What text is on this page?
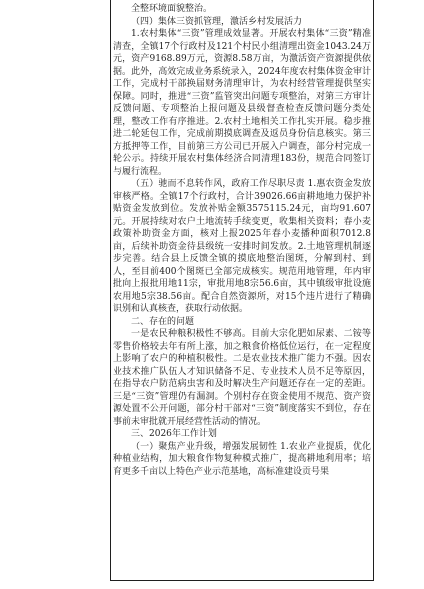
全整环境面貌整治。

（四）集体三资抓管理，激活乡村发展活力

1.农村集体“三资”管理成效显著。开展农村集体“三资”精准清查，全镇17个行政村及121个村民小组清理出资金1043.24万元，资产9168.89万元，资源8.58万亩，为激活资产资源提供依据。此外，高效完成业务系统录入，2024年度农村集体资金审计工作，完成村干部换届财务清理审计，为农村经营管理提供坚实保障。同时，推进“三资”监管突出问题专项整治，对第三方审计反馈问题、专项整治上报问题及县级督查检查反馈问题分类处理，整改工作有序推进。2.农村土地相关工作扎实开展。稳步推进二轮延包工作，完成前期摸底调查及返员身份信息核实。第三方抵押等工作，目前第三方公司已开展入户调查，部分村完成一轮公示。持续开展农村集体经济合同清理183份，规范合同签订与履行流程。

（五）驰而不息转作风，政府工作尽职尽责 1.惠农资金发放审核严格。全镇17个行政村，合计39026.66亩耕地地力保护补贴资金发放到位。发放补贴金额3575115.24元，亩均91.607元。开展持续对农户土地流转手续变更，收集相关资料；春小麦政策补助资金方面，核对上报2025年春小麦播种面积7012.8亩，后续补助资金待县级统一安排时间发放。2.土地管理机制逐步完善。结合县上反馈全镇的摸底地整治图斑，分解到村、到人，至目前400个图斑已全部完成核实。规范用地管理，年内审批向上报批用地11宗，审批用地8宗56.6亩，其中镇级审批设施农用地5宗38.56亩。配合自然资源所，对15个违片进行了精确识别和认真核查，获取行动依据。

二、存在的问题

一是农民种粮积极性不够高。目前大宗化肥如尿素、二铵等零售价格较去年有所上涨，加之粮食价格低位运行，在一定程度上影响了农户的种植积极性。二是农业技术推广能力不强。因农业技术推广队伍人才知识储备不足、专业技术人员不足等原因，在指导农户防范病虫害和及时解决生产问题还存在一定的差距。三是“三资”管理仍有漏洞。个别村存在资金使用不规范、资产资源处置不公开问题，部分村干部对“三资”制度落实不到位，存在事前未审批就开展经营性活动的情况。

三、2026年工作计划

（一）聚焦产业升级，增强发展韧性 1.农业产业提质，优化种植业结构，加大粮食作物复种模式推广，提高耕地利用率；培育更多千亩以上特色产业示范基地，高标准建设贡号果
